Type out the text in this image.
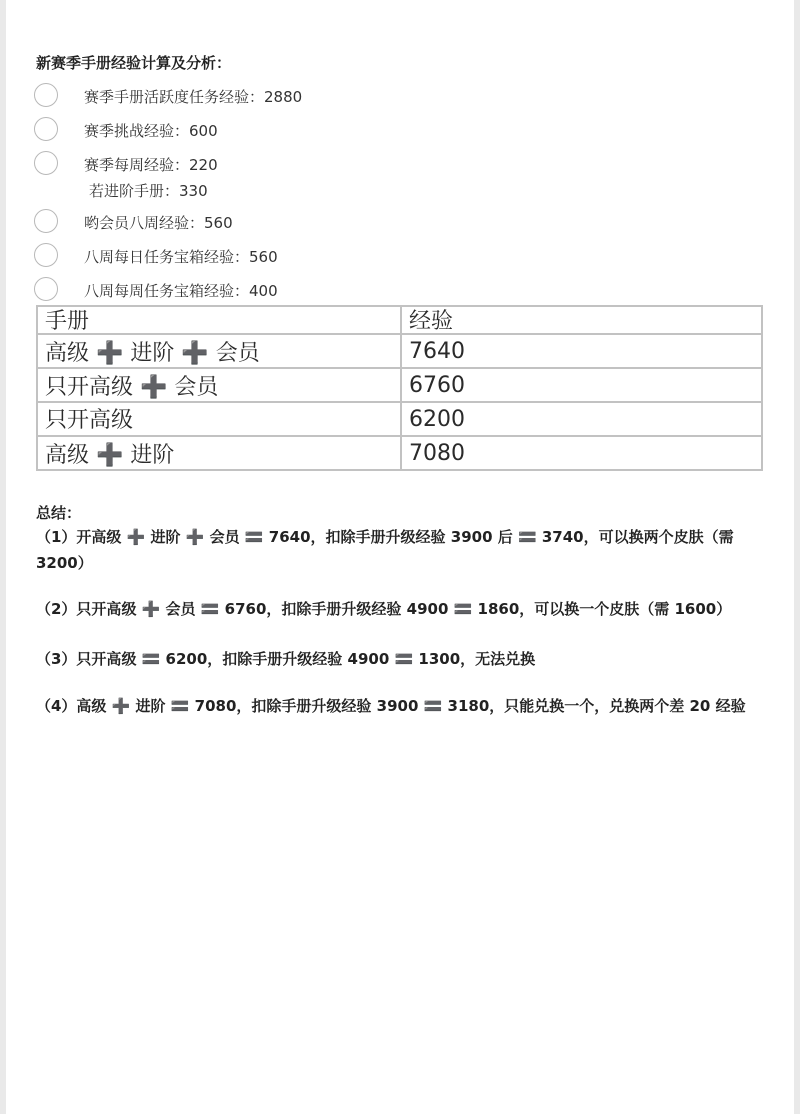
新赛季手册经验计算及分析：
赛季手册活跃度任务经验：2880
赛季挑战经验：600
赛季每周经验：220
若进阶手册：330
哟会员八周经验：560
八周每日任务宝箱经验：560
八周每周任务宝箱经验：400
手册	经验
高级 ➕ 进阶 ➕ 会员	7640
只开高级 ➕ 会员	6760
只开高级	6200
高级 ➕ 进阶	7080
总结：
（1）开高级 ➕ 进阶 ➕ 会员 🟰 7640，扣除手册升级经验 3900 后 🟰 3740，可以换两个皮肤（需3200）
（2）只开高级 ➕ 会员 🟰 6760，扣除手册升级经验 4900 🟰 1860，可以换一个皮肤（需 1600）
（3）只开高级 🟰 6200，扣除手册升级经验 4900 🟰 1300，无法兑换
（4）高级 ➕ 进阶 🟰 7080，扣除手册升级经验 3900 🟰 3180，只能兑换一个，兑换两个差 20 经验
